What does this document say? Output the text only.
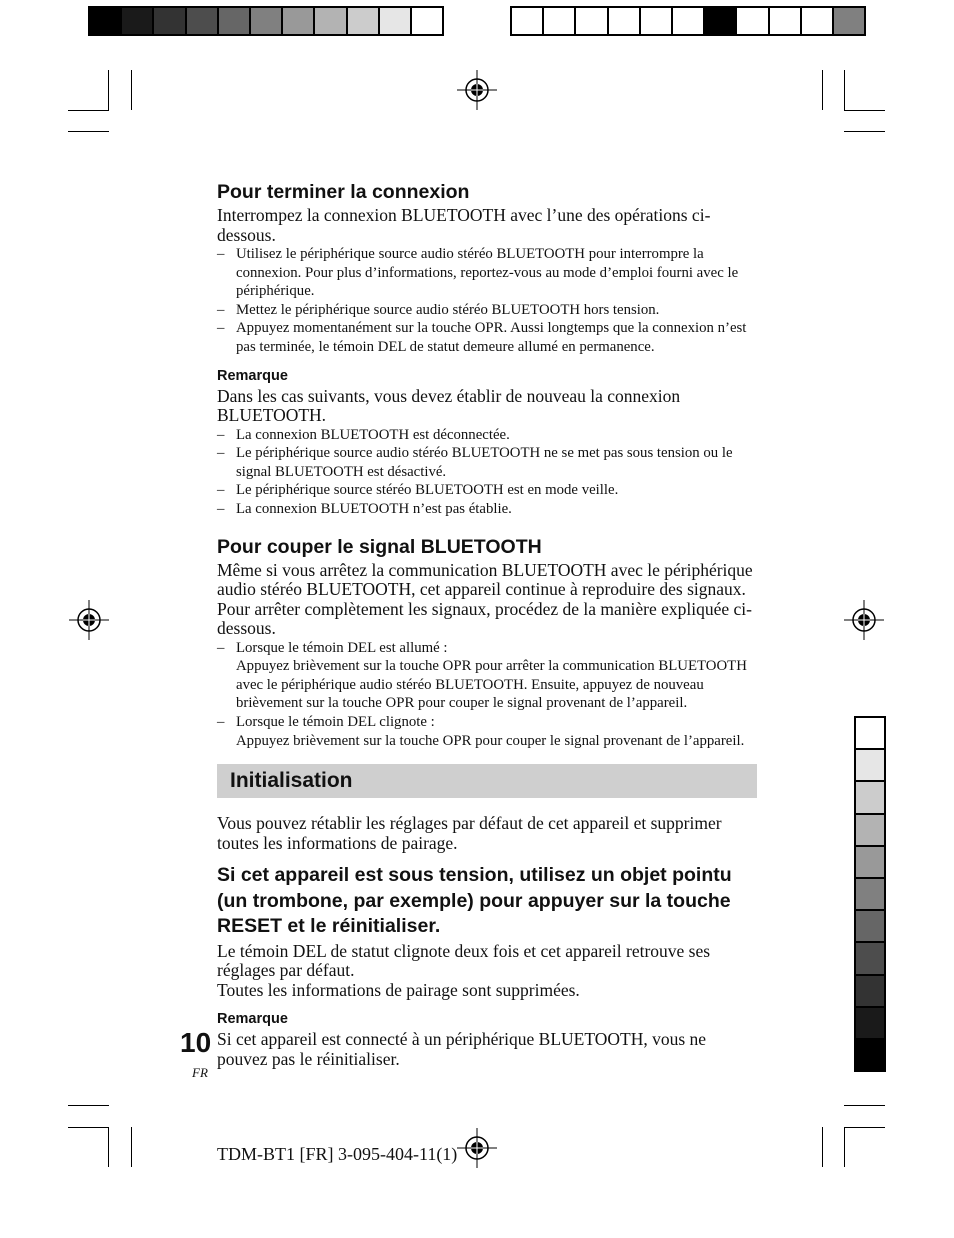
Pour terminer la connexion

Interrompez la connexion BLUETOOTH avec l’une des opérations ci-dessous.

– Utilisez le périphérique source audio stéréo BLUETOOTH pour interrompre la connexion. Pour plus d’informations, reportez-vous au mode d’emploi fourni avec le périphérique.
– Mettez le périphérique source audio stéréo BLUETOOTH hors tension.
– Appuyez momentanément sur la touche OPR. Aussi longtemps que la connexion n’est pas terminée, le témoin DEL de statut demeure allumé en permanence.
Remarque

Dans les cas suivants, vous devez établir de nouveau la connexion BLUETOOTH.

– La connexion BLUETOOTH est déconnectée.
– Le périphérique source audio stéréo BLUETOOTH ne se met pas sous tension ou le signal BLUETOOTH est désactivé.
– Le périphérique source stéréo BLUETOOTH est en mode veille.
– La connexion BLUETOOTH n’est pas établie.
Pour couper le signal BLUETOOTH

Même si vous arrêtez la communication BLUETOOTH avec le périphérique audio stéréo BLUETOOTH, cet appareil continue à reproduire des signaux. Pour arrêter complètement les signaux, procédez de la manière expliquée ci-dessous.

– Lorsque le témoin DEL est allumé :
Appuyez brièvement sur la touche OPR pour arrêter la communication BLUETOOTH avec le périphérique audio stéréo BLUETOOTH. Ensuite, appuyez de nouveau brièvement sur la touche OPR pour couper le signal provenant de l’appareil.
– Lorsque le témoin DEL clignote :
Appuyez brièvement sur la touche OPR pour couper le signal provenant de l’appareil.
Initialisation

Vous pouvez rétablir les réglages par défaut de cet appareil et supprimer toutes les informations de pairage.

Si cet appareil est sous tension, utilisez un objet pointu (un trombone, par exemple) pour appuyer sur la touche RESET et le réinitialiser.

Le témoin DEL de statut clignote deux fois et cet appareil retrouve ses réglages par défaut.

Toutes les informations de pairage sont supprimées.

Remarque

Si cet appareil est connecté à un périphérique BLUETOOTH, vous ne pouvez pas le réinitialiser.

10
FR
TDM-BT1 [FR] 3-095-404-11(1)
